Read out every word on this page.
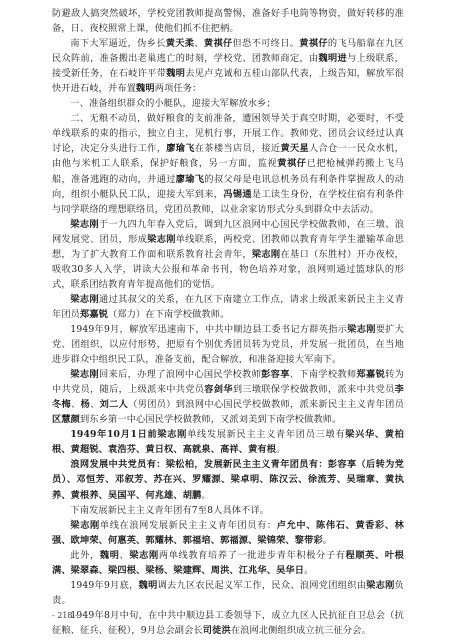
防避敌人搞突然破坏，学校党团教师提高警惕，准备好手电筒等物资，做好转移的准备，日、夜校照常上课，使他们抓不住把柄。

南下大军逼近，伪乡长黄天柔、黄祺仔但恐不可终日。黄祺仔的飞马船靠在九区民众阵前，准备搬出老巢逃亡的时刻，学校党、团教师商定，由魏明进与上级联系，接受新任务，在石岐许平带魏明去见卢克诚和五桂山部队代表，上级告知，解放军很快开进石岐，并布置魏明两项任务：

一、准备组织群众的小艇队，迎接大军解放水乡；

二、无粮不动员，做好粮食的支前准备，遭困领导关于真空时期，必要时，不受单线联系的束的指示，独立自主，见机行事，开展工作。教师党、团员会议经过认真讨论，决定分头进行工作，廖瑜飞在茶楼当店员，接近黄天星人合仓一一民众水机，由他与米机工人联系，保护好粮食，另一方面，监视黄祺仔已把枪械弹药搬上飞马船，准备逃跑的动向，并通过廖瑜飞的叔父母是电讯总机务员有利条件掌握敌人的动向，组织小艇队民工队，迎接大军到来，冯锡通是工读生身份，在学校住宿有利条件与同学联络的理想联络员，党团员教师，以业余家访形式分头到群众中去活动。

梁志刚于一九四九年春入党后，调到九区浪网中心国民学校做教师，在三墩、浪网发展党、团员，形成梁志刚单线联系，两校党、团教师以教育青年学生灌输革命思想，为了扩大教育工作面和联系教育社会青年，梁志刚在基口（东胜村）开办夜校，吸收30多人入学，讲读大公报和革命书刊，物色培养对象，浪网则通过篮球队的形式，联系团结教育青年提高他们的觉悟。

梁志刚通过其叔父的关系，在九区下南建立工作点，请求上级派来新民主主义青年团员郑嘉锐（郑力）在下南学校做教师。

1949年9月，解放军迅速南下，中共中顺边县工委书记方群英指示梁志刚要扩大党、团组织，以应付形势，把原有个别优秀团员转为党员，并发展一批团员，在当地进步群众中组织民工队，准备支前，配合解放，和准备迎接大军南下。

梁志刚回来后，办理了浪网中心国民学校教师彭容享、下南学校教师郑嘉锐转为中共党员，随后，上级派来中共党员容剑华到三墩联保学校做教师，派来中共党员李冬梅、杨、刘二人（男团员）到浪网中心国民学校做教师，派来新民主主义青年团员区慧颜到东乡第一中心国民学校做教师，又派刘美到下南学校做教师。

1949年10月1日前梁志刚单线发展新民主主义青年团员三墩有梁兴华、黄柏根、黄超锐、袁浩芬、黄日权、高就泉、高祥、黄有根。

浪网发展中共党员有：梁松柏，发展新民主主义青年团员有：彭容享（后转为党员）、邓恒芳、邓叙芳、苏在兴、罗耀源、梁卓明、陈汉云、徐流芳、吴瑞章、黄执养、黄根养、吴国平、何兆雄、胡鹏。

下南发展新民主主义青年团有7至8人具体不详。

梁志刚单线在浪网发展新民主主义青年团员有：卢允中、陈伟石、黄香彩、林强、欧坤荣、何惠英、郭耀林、郭福培、郭福源、梁锦荣、黎带彩。

此外，魏明、梁志刚两单线教育培养了一批进步青年积极分子有程顺英、叶根满、梁翠森、梁四根、梁杨、梁建辉、周洪、江兆华、吴华日。

1949年9月底，魏明调去九区农民起义军工作，民众、浪网党团组织由梁志刚负责。

1949年8月中旬，在中共中顺边县工委领导下，成立九区人民抗征自卫总会（抗征粮、征兵、征税），9月总会副会长司徒洪在浪网北侧组织成立抗三征分会。

- 218 -
